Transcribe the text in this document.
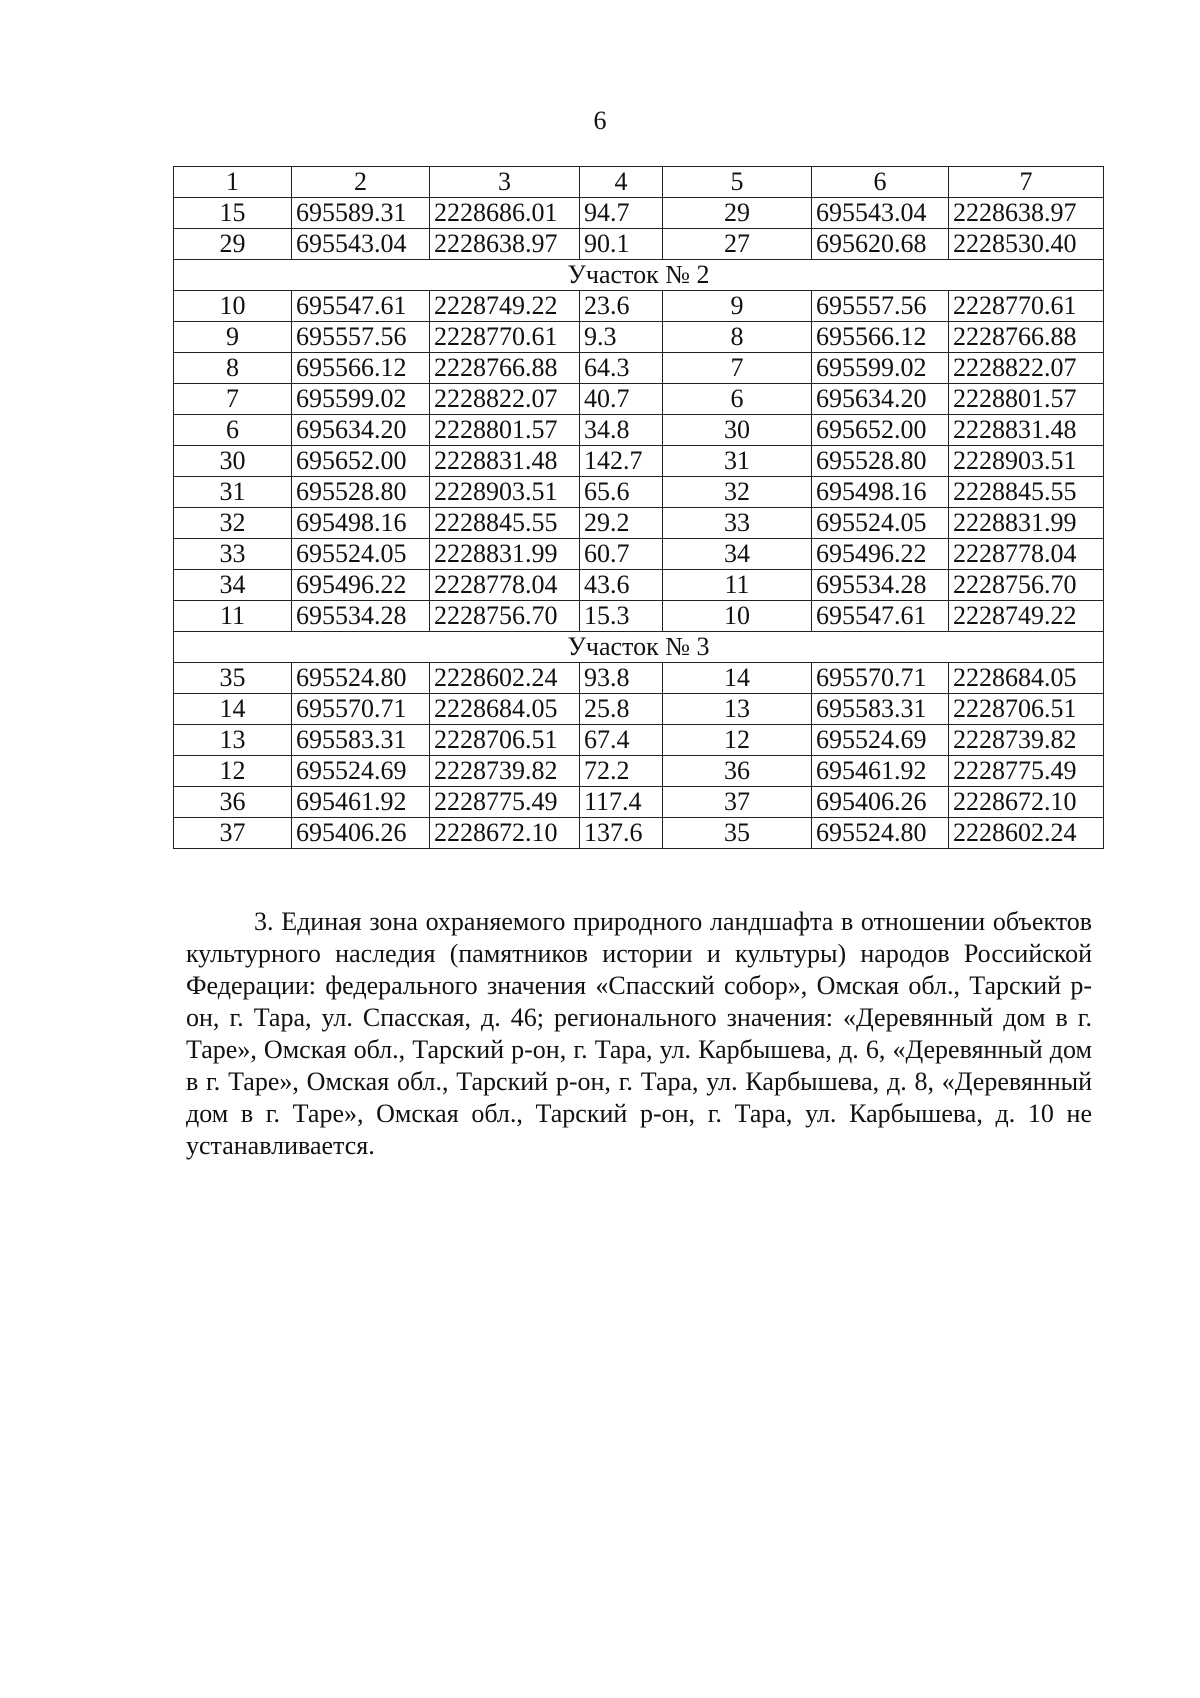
6
1	2	3	4	5	6	7
15	695589.31	2228686.01	94.7	29	695543.04	2228638.97
29	695543.04	2228638.97	90.1	27	695620.68	2228530.40
Участок № 2						
10	695547.61	2228749.22	23.6	9	695557.56	2228770.61
9	695557.56	2228770.61	9.3	8	695566.12	2228766.88
8	695566.12	2228766.88	64.3	7	695599.02	2228822.07
7	695599.02	2228822.07	40.7	6	695634.20	2228801.57
6	695634.20	2228801.57	34.8	30	695652.00	2228831.48
30	695652.00	2228831.48	142.7	31	695528.80	2228903.51
31	695528.80	2228903.51	65.6	32	695498.16	2228845.55
32	695498.16	2228845.55	29.2	33	695524.05	2228831.99
33	695524.05	2228831.99	60.7	34	695496.22	2228778.04
34	695496.22	2228778.04	43.6	11	695534.28	2228756.70
11	695534.28	2228756.70	15.3	10	695547.61	2228749.22
Участок № 3						
35	695524.80	2228602.24	93.8	14	695570.71	2228684.05
14	695570.71	2228684.05	25.8	13	695583.31	2228706.51
13	695583.31	2228706.51	67.4	12	695524.69	2228739.82
12	695524.69	2228739.82	72.2	36	695461.92	2228775.49
36	695461.92	2228775.49	117.4	37	695406.26	2228672.10
37	695406.26	2228672.10	137.6	35	695524.80	2228602.24

3. Единая зона охраняемого природного ландшафта в отношении объектов культурного наследия (памятников истории и культуры) народов Российской Федерации: федерального значения «Спасский собор», Омская обл., Тарский р-он, г. Тара, ул. Спасская, д. 46; регионального значения: «Деревянный дом в г. Таре», Омская обл., Тарский р-он, г. Тара, ул. Карбышева, д. 6, «Деревянный дом в г. Таре», Омская обл., Тарский р-он, г. Тара, ул. Карбышева, д. 8, «Деревянный дом в г. Таре», Омская обл., Тарский р-он, г. Тара, ул. Карбышева, д. 10 не устанавливается.
